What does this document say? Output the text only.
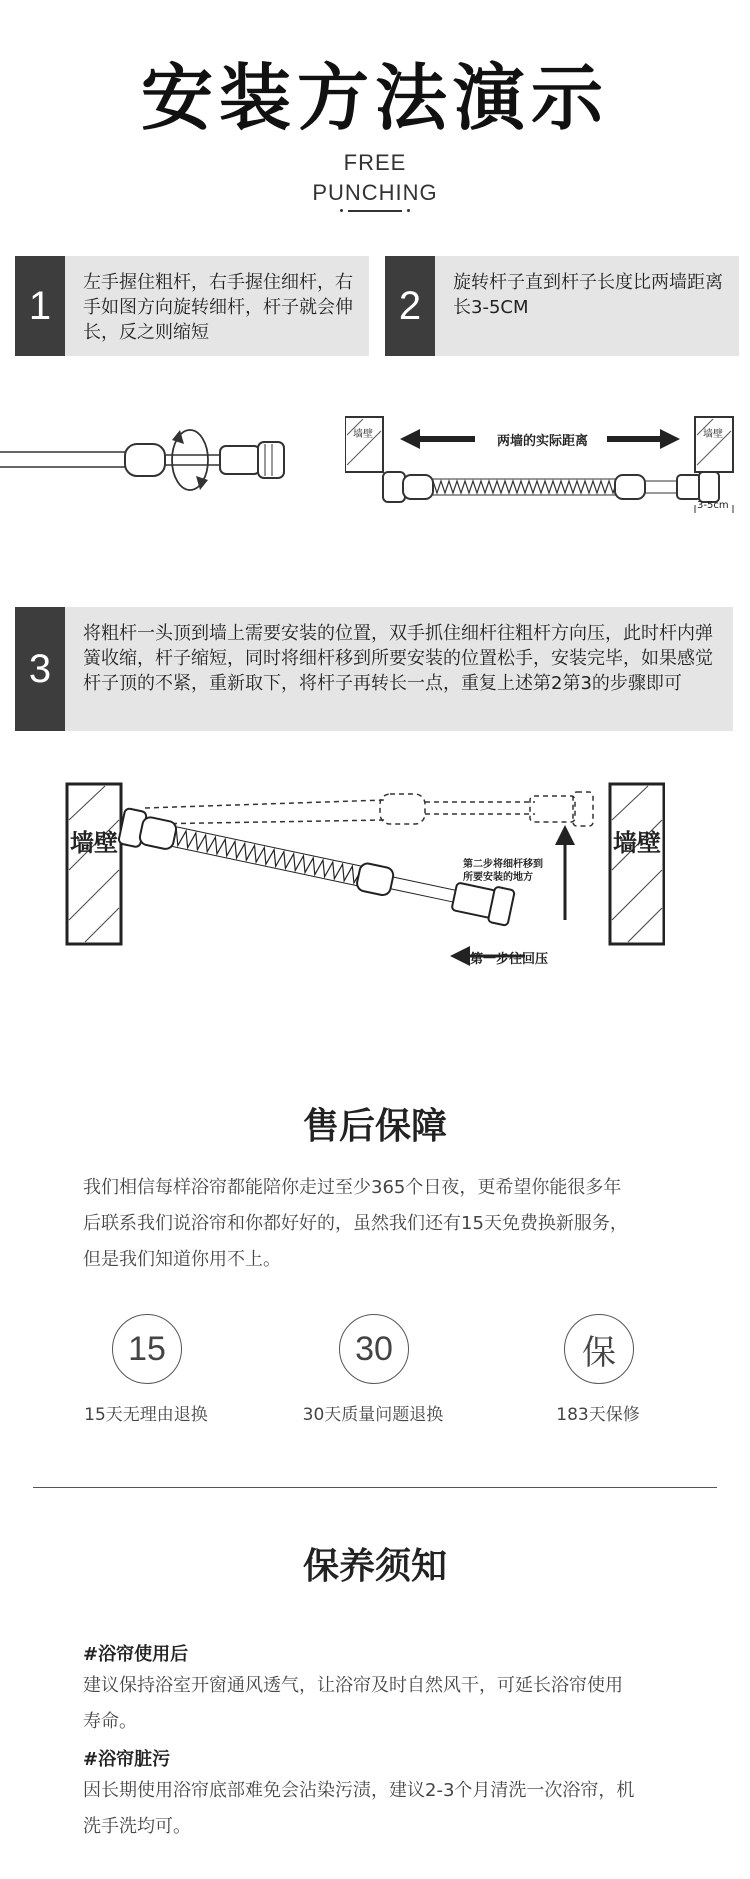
安装方法演示
FREE
PUNCHING
1
左手握住粗杆，右手握住细杆，右手如图方向旋转细杆，杆子就会伸长，反之则缩短
2
旋转杆子直到杆子长度比两墙距离长3-5CM
墙壁	墙壁
两墙的实际距离
3-5cm
3
将粗杆一头顶到墙上需要安装的位置，双手抓住细杆往粗杆方向压，此时杆内弹簧收缩，杆子缩短，同时将细杆移到所要安装的位置松手，安装完毕，如果感觉杆子顶的不紧，重新取下，将杆子再转长一点，重复上述第2第3的步骤即可
墙壁	墙壁
第二步将细杆移到
所要安装的地方
第一步往回压
售后保障
我们相信每样浴帘都能陪你走过至少365个日夜，更希望你能很多年
后联系我们说浴帘和你都好好的，虽然我们还有15天免费换新服务，
但是我们知道你用不上。
15
15天无理由退换
30
30天质量问题退换
保
183天保修
保养须知
#浴帘使用后
建议保持浴室开窗通风透气，让浴帘及时自然风干，可延长浴帘使用
寿命。
#浴帘脏污
因长期使用浴帘底部难免会沾染污渍，建议2-3个月清洗一次浴帘，机
洗手洗均可。
